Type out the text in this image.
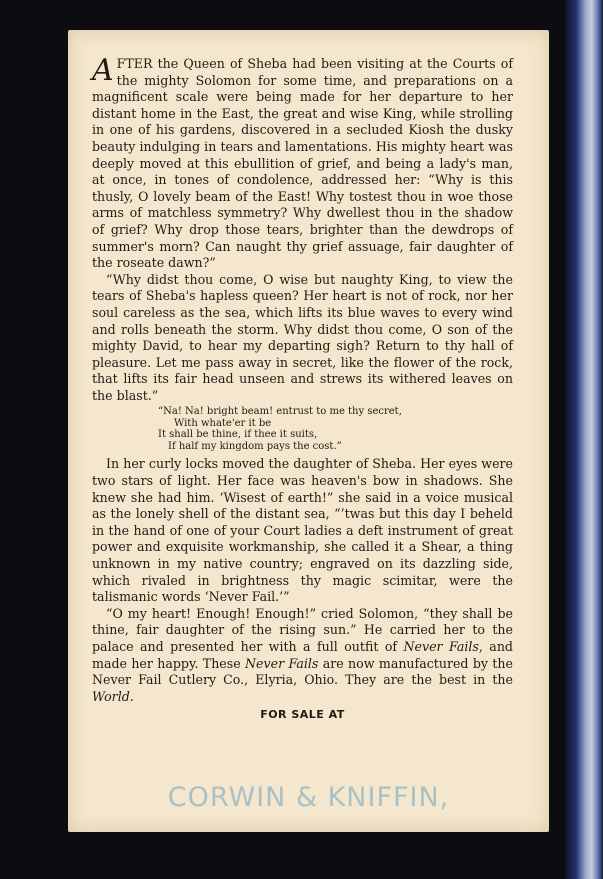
AFTER the Queen of Sheba had been visiting at the Courts of the mighty Solomon for some time, and preparations on a magnificent scale were being made for her departure to her distant home in the East, the great and wise King, while strolling in one of his gardens, discovered in a secluded Kiosh the dusky beauty indulging in tears and lamentations. His mighty heart was deeply moved at this ebullition of grief, and being a lady's man, at once, in tones of condolence, addressed her: “Why is this thusly, O lovely beam of the East! Why tostest thou in woe those arms of matchless symmetry? Why dwellest thou in the shadow of grief? Why drop those tears, brighter than the dewdrops of summer's morn? Can naught thy grief assuage, fair daughter of the roseate dawn?”

“Why didst thou come, O wise but naughty King, to view the tears of Sheba's hapless queen? Her heart is not of rock, nor her soul careless as the sea, which lifts its blue waves to every wind and rolls beneath the storm. Why didst thou come, O son of the mighty David, to hear my departing sigh? Return to thy hall of pleasure. Let me pass away in secret, like the flower of the rock, that lifts its fair head unseen and strews its withered leaves on the blast.”

“Na! Na! bright beam! entrust to me thy secret,
With whate'er it be
It shall be thine, if thee it suits,
If half my kingdom pays the cost.”

In her curly locks moved the daughter of Sheba. Her eyes were two stars of light. Her face was heaven's bow in shadows. She knew she had him. ‘Wisest of earth!” she said in a voice musical as the lonely shell of the distant sea, “’twas but this day I beheld in the hand of one of your Court ladies a deft instrument of great power and exquisite workmanship, she called it a Shear, a thing unknown in my native country; engraved on its dazzling side, which rivaled in brightness thy magic scimitar, were the talismanic words ‘Never Fail.’”

“O my heart! Enough! Enough!” cried Solomon, “they shall be thine, fair daughter of the rising sun.” He carried her to the palace and presented her with a full outfit of Never Fails, and made her happy. These Never Fails are now manufactured by the Never Fail Cutlery Co., Elyria, Ohio. They are the best in the World.

FOR SALE AT
CORWIN & KNIFFIN,
